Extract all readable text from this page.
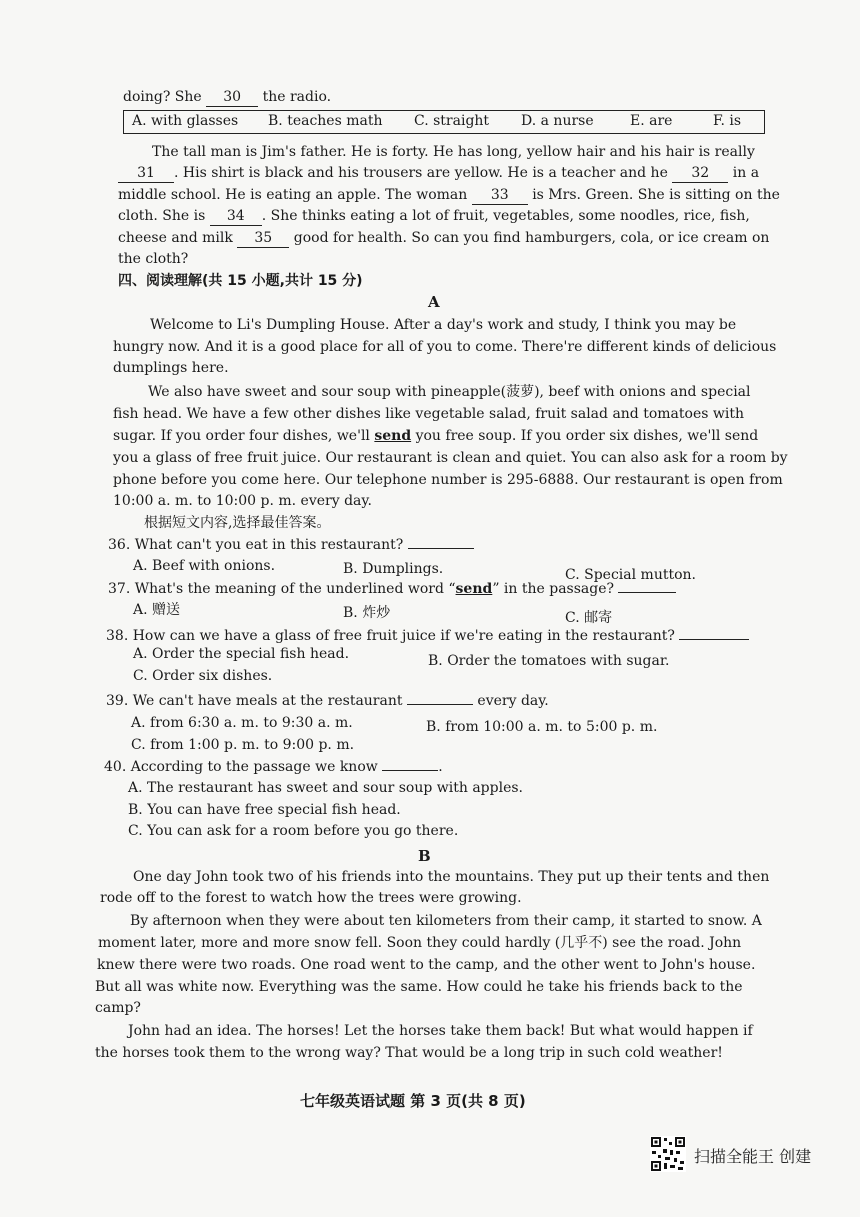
doing? She 30 the radio.
A. with glasses B. teaches math C. straight D. a nurse	E. are	F. is
The tall man is Jim's father. He is forty. He has long, yellow hair and his hair is really
31 . His shirt is black and his trousers are yellow. He is a teacher and he 32 in a
middle school. He is eating an apple. The woman 33 is Mrs. Green. She is sitting on the
cloth. She is 34 . She thinks eating a lot of fruit, vegetables, some noodles, rice, fish,
cheese and milk 35 good for health. So can you find hamburgers, cola, or ice cream on
the cloth?
四、阅读理解(共 15 小题,共计 15 分)
A
Welcome to Li's Dumpling House. After a day's work and study, I think you may be
hungry now. And it is a good place for all of you to come. There're different kinds of delicious
dumplings here.
We also have sweet and sour soup with pineapple(菠萝), beef with onions and special
fish head. We have a few other dishes like vegetable salad, fruit salad and tomatoes with
sugar. If you order four dishes, we'll send you free soup. If you order six dishes, we'll send
you a glass of free fruit juice. Our restaurant is clean and quiet. You can also ask for a room by
phone before you come here. Our telephone number is 295-6888. Our restaurant is open from
10:00 a. m. to 10:00 p. m. every day.
根据短文内容,选择最佳答案。
36. What can't you eat in this restaurant?
A. Beef with onions.	B. Dumplings.	C. Special mutton.
37. What's the meaning of the underlined word “send” in the passage?
A. 赠送	B. 炸炒	C. 邮寄
38. How can we have a glass of free fruit juice if we're eating in the restaurant?
A. Order the special fish head.	B. Order the tomatoes with sugar.
C. Order six dishes.
39. We can't have meals at the restaurant	every day.
A. from 6:30 a. m. to 9:30 a. m.	B. from 10:00 a. m. to 5:00 p. m.
C. from 1:00 p. m. to 9:00 p. m.
40. According to the passage we know	.
A. The restaurant has sweet and sour soup with apples.
B. You can have free special fish head.
C. You can ask for a room before you go there.
B
One day John took two of his friends into the mountains. They put up their tents and then
rode off to the forest to watch how the trees were growing.
By afternoon when they were about ten kilometers from their camp, it started to snow. A
moment later, more and more snow fell. Soon they could hardly (几乎不) see the road. John
knew there were two roads. One road went to the camp, and the other went to John's house.
But all was white now. Everything was the same. How could he take his friends back to the
camp?
John had an idea. The horses! Let the horses take them back! But what would happen if
the horses took them to the wrong way? That would be a long trip in such cold weather!
七年级英语试题 第 3 页(共 8 页)
扫描全能王 创建
